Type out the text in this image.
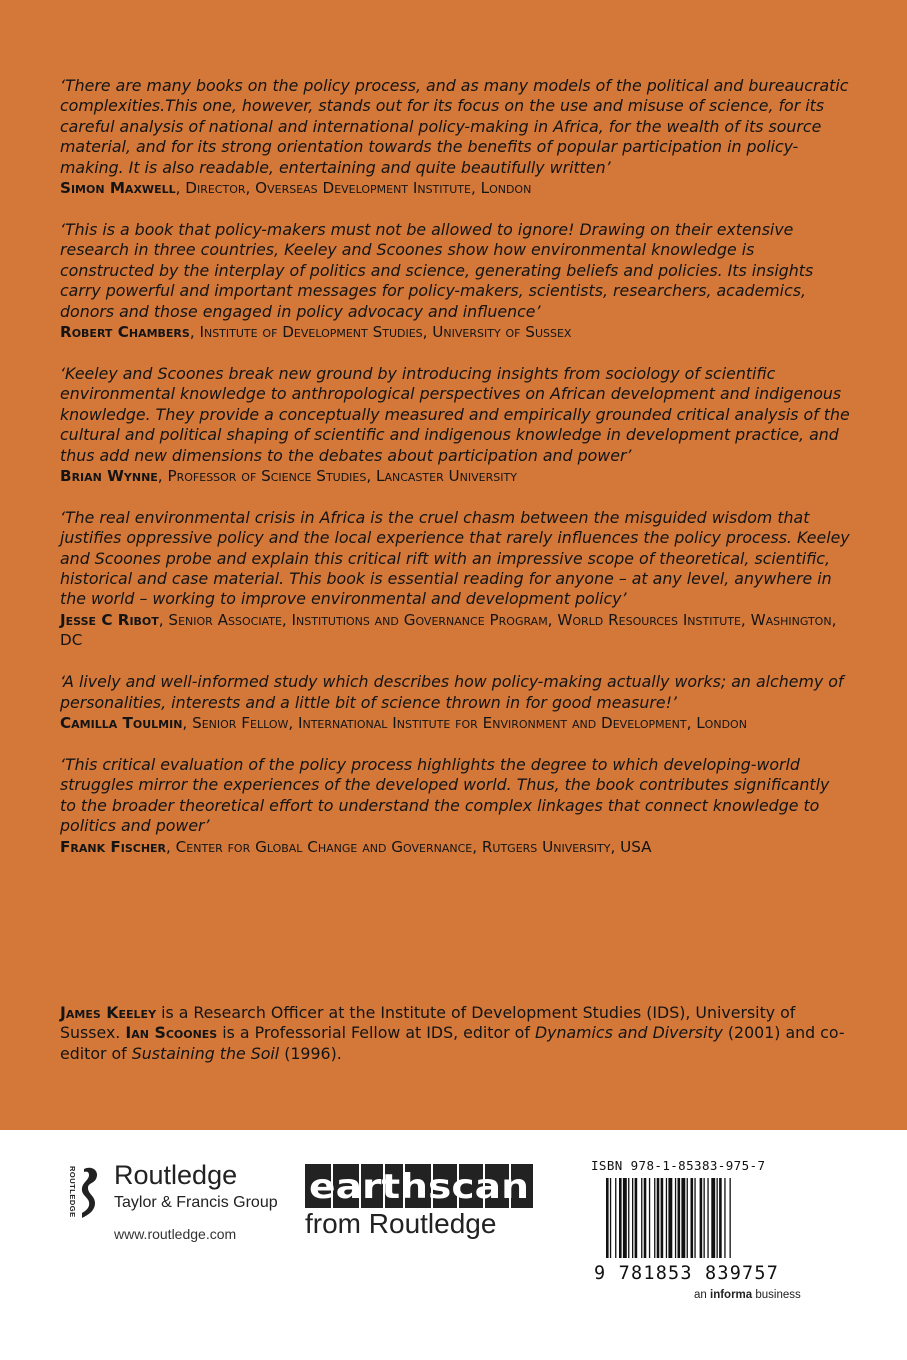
‘There are many books on the policy process, and as many models of the political and bureaucratic complexities.This one, however, stands out for its focus on the use and misuse of science, for its careful analysis of national and international policy-making in Africa, for the wealth of its source material, and for its strong orientation towards the benefits of popular participation in policy-making. It is also readable, entertaining and quite beautifully written’
Simon Maxwell, Director, Overseas Development Institute, London

‘This is a book that policy-makers must not be allowed to ignore! Drawing on their extensive research in three countries, Keeley and Scoones show how environmental knowledge is constructed by the interplay of politics and science, generating beliefs and policies. Its insights carry powerful and important messages for policy-makers, scientists, researchers, academics, donors and those engaged in policy advocacy and influence’
Robert Chambers, Institute of Development Studies, University of Sussex

‘Keeley and Scoones break new ground by introducing insights from sociology of scientific environmental knowledge to anthropological perspectives on African development and indigenous knowledge. They provide a conceptually measured and empirically grounded critical analysis of the cultural and political shaping of scientific and indigenous knowledge in development practice, and thus add new dimensions to the debates about participation and power’
Brian Wynne, Professor of Science Studies, Lancaster University

‘The real environmental crisis in Africa is the cruel chasm between the misguided wisdom that justifies oppressive policy and the local experience that rarely influences the policy process. Keeley and Scoones probe and explain this critical rift with an impressive scope of theoretical, scientific, historical and case material. This book is essential reading for anyone – at any level, anywhere in the world – working to improve environmental and development policy’
Jesse C Ribot, Senior Associate, Institutions and Governance Program, World Resources Institute, Washington, DC

‘A lively and well-informed study which describes how policy-making actually works; an alchemy of personalities, interests and a little bit of science thrown in for good measure!’
Camilla Toulmin, Senior Fellow, International Institute for Environment and Development, London

‘This critical evaluation of the policy process highlights the degree to which developing-world struggles mirror the experiences of the developed world. Thus, the book contributes significantly to the broader theoretical effort to understand the complex linkages that connect knowledge to politics and power’
Frank Fischer, Center for Global Change and Governance, Rutgers University, USA

James Keeley is a Research Officer at the Institute of Development Studies (IDS), University of Sussex. Ian Scoones is a Professorial Fellow at IDS, editor of Dynamics and Diversity (2001) and co-editor of Sustaining the Soil (1996).

ROUTLEDGE Routledge
Taylor & Francis Group
www.routledge.com
earthscan
from Routledge
ISBN 978-1-85383-975-7
9 781853 839757
an informa business
